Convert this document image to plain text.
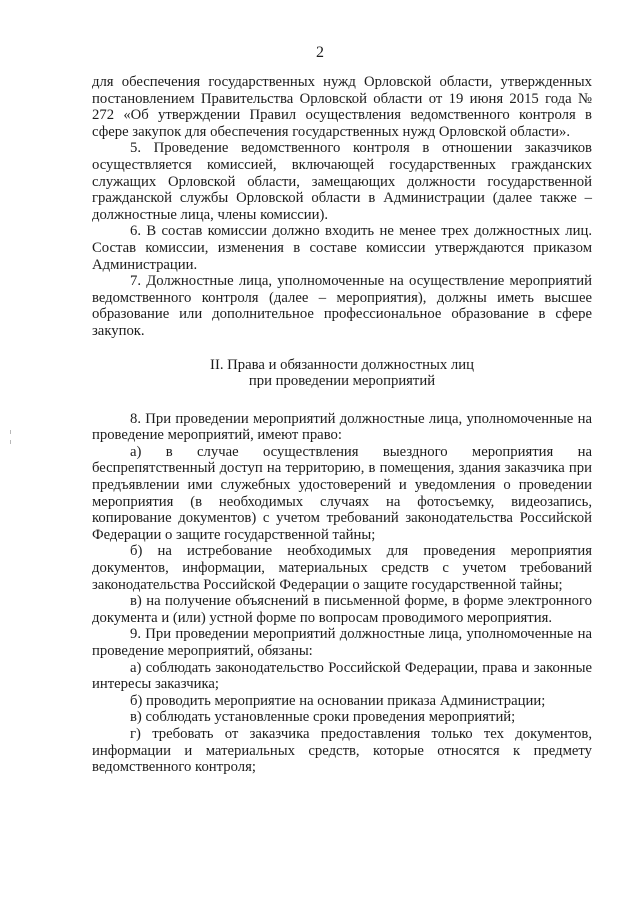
2

для обеспечения государственных нужд Орловской области, утвержденных постановлением Правительства Орловской области от 19 июня 2015 года № 272 «Об утверждении Правил осуществления ведомственного контроля в сфере закупок для обеспечения государственных нужд Орловской области».

5. Проведение ведомственного контроля в отношении заказчиков осуществляется комиссией, включающей государственных гражданских служащих Орловской области, замещающих должности государственной гражданской службы Орловской области в Администрации (далее также – должностные лица, члены комиссии).

6. В состав комиссии должно входить не менее трех должностных лиц. Состав комиссии, изменения в составе комиссии утверждаются приказом Администрации.

7. Должностные лица, уполномоченные на осуществление мероприятий ведомственного контроля (далее – мероприятия), должны иметь высшее образование или дополнительное профессиональное образование в сфере закупок.

II. Права и обязанности должностных лиц
при проведении мероприятий

8. При проведении мероприятий должностные лица, уполномоченные на проведение мероприятий, имеют право:

а) в случае осуществления выездного мероприятия на беспрепятственный доступ на территорию, в помещения, здания заказчика при предъявлении ими служебных удостоверений и уведомления о проведении мероприятия (в необходимых случаях на фотосъемку, видеозапись, копирование документов) с учетом требований законодательства Российской Федерации о защите государственной тайны;

б) на истребование необходимых для проведения мероприятия документов, информации, материальных средств с учетом требований законодательства Российской Федерации о защите государственной тайны;

в) на получение объяснений в письменной форме, в форме электронного документа и (или) устной форме по вопросам проводимого мероприятия.

9. При проведении мероприятий должностные лица, уполномоченные на проведение мероприятий, обязаны:

а) соблюдать законодательство Российской Федерации, права и законные интересы заказчика;

б) проводить мероприятие на основании приказа Администрации;

в) соблюдать установленные сроки проведения мероприятий;

г) требовать от заказчика предоставления только тех документов, информации и материальных средств, которые относятся к предмету ведомственного контроля;
